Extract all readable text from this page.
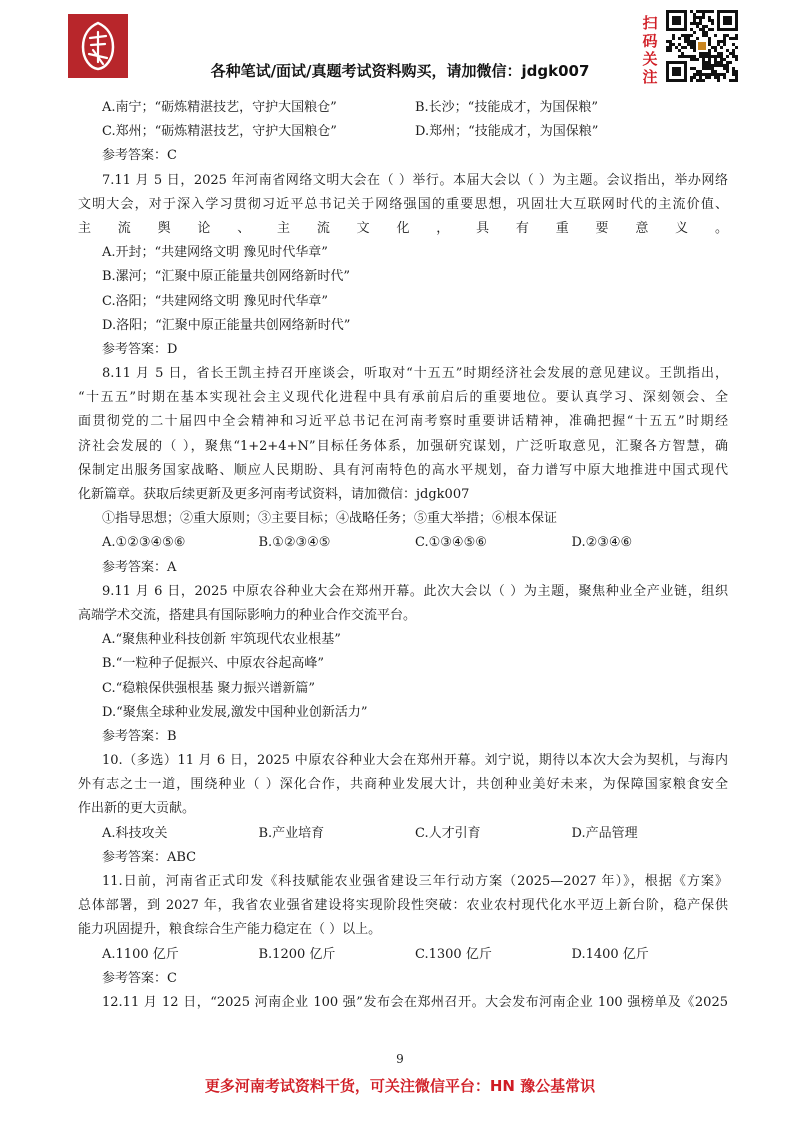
扫码关注
各种笔试/面试/真题考试资料购买，请加微信：jdgk007
A.南宁；“砺炼精湛技艺，守护大国粮仓”	B.长沙；“技能成才，为国保粮”
C.郑州；“砺炼精湛技艺，守护大国粮仓”	D.郑州；“技能成才，为国保粮”
参考答案：C
7.11 月 5 日，2025 年河南省网络文明大会在（ ）举行。本届大会以（ ）为主题。会议指出，举办网络
文明大会，对于深入学习贯彻习近平总书记关于网络强国的重要思想，巩固壮大互联网时代的主流价值、
主流舆论、主流文化，具有重要意义。
A.开封；“共建网络文明 豫见时代华章”
B.漯河；“汇聚中原正能量共创网络新时代”
C.洛阳；“共建网络文明 豫见时代华章”
D.洛阳；“汇聚中原正能量共创网络新时代”
参考答案：D
8.11 月 5 日，省长王凯主持召开座谈会，听取对“十五五”时期经济社会发展的意见建议。王凯指出，
“十五五”时期在基本实现社会主义现代化进程中具有承前启后的重要地位。要认真学习、深刻领会、全
面贯彻党的二十届四中全会精神和习近平总书记在河南考察时重要讲话精神，准确把握“十五五”时期经
济社会发展的（ ），聚焦“1+2+4+N”目标任务体系，加强研究谋划，广泛听取意见，汇聚各方智慧，确
保制定出服务国家战略、顺应人民期盼、具有河南特色的高水平规划，奋力谱写中原大地推进中国式现代
化新篇章。获取后续更新及更多河南考试资料，请加微信：jdgk007
①指导思想；②重大原则；③主要目标；④战略任务；⑤重大举措；⑥根本保证
A.①②③④⑤⑥	B.①②③④⑤	C.①③④⑤⑥	D.②③④⑥
参考答案：A
9.11 月 6 日，2025 中原农谷种业大会在郑州开幕。此次大会以（ ）为主题，聚焦种业全产业链，组织
高端学术交流，搭建具有国际影响力的种业合作交流平台。
A.“聚焦种业科技创新 牢筑现代农业根基”
B.“一粒种子促振兴、中原农谷起高峰”
C.“稳粮保供强根基 聚力振兴谱新篇”
D.“聚焦全球种业发展,激发中国种业创新活力”
参考答案：B
10.（多选）11 月 6 日，2025 中原农谷种业大会在郑州开幕。刘宁说，期待以本次大会为契机，与海内
外有志之士一道，围绕种业（ ）深化合作，共商种业发展大计，共创种业美好未来，为保障国家粮食安全
作出新的更大贡献。
A.科技攻关	B.产业培育	C.人才引育	D.产品管理
参考答案：ABC
11.日前，河南省正式印发《科技赋能农业强省建设三年行动方案（2025—2027 年）》，根据《方案》
总体部署，到 2027 年，我省农业强省建设将实现阶段性突破：农业农村现代化水平迈上新台阶，稳产保供
能力巩固提升，粮食综合生产能力稳定在（ ）以上。
A.1100 亿斤	B.1200 亿斤	C.1300 亿斤	D.1400 亿斤
参考答案：C
12.11 月 12 日，“2025 河南企业 100 强”发布会在郑州召开。大会发布河南企业 100 强榜单及《2025
9
更多河南考试资料干货，可关注微信平台：HN 豫公基常识
